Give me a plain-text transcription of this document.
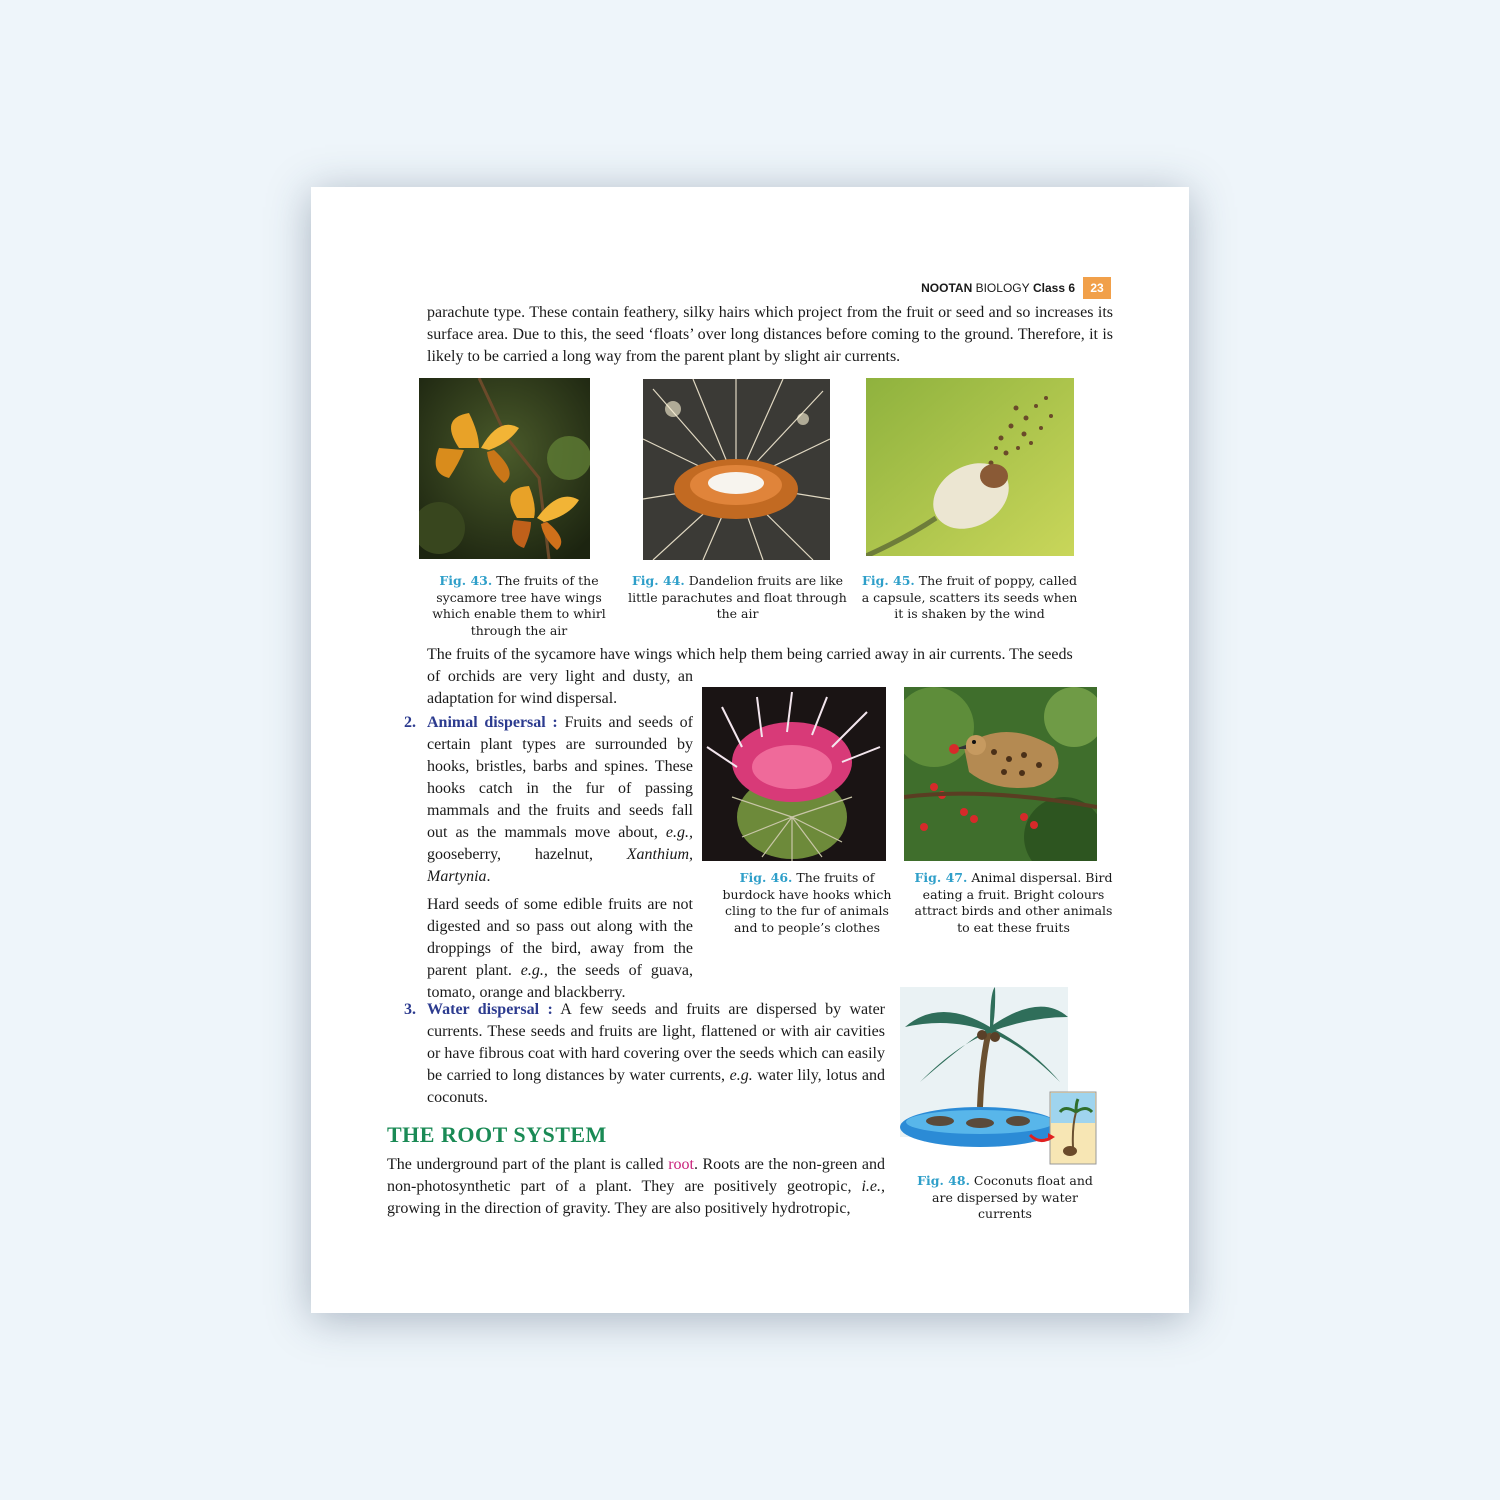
NOOTAN BIOLOGY Class 6	23

parachute type. These contain feathery, silky hairs which project from the fruit or seed and so increases its surface area. Due to this, the seed ‘floats’ over long distances before coming to the ground. Therefore, it is likely to be carried a long way from the parent plant by slight air currents.

Fig. 43. The fruits of the sycamore tree have wings which enable them to whirl through the air
Fig. 44. Dandelion fruits are like little parachutes and float through the air
Fig. 45. The fruit of poppy, called a capsule, scatters its seeds when it is shaken by the wind

The fruits of the sycamore have wings which help them being carried away in air currents. The seeds

of orchids are very light and dusty, an adaptation for wind dispersal.

2. Animal dispersal : Fruits and seeds of certain plant types are surrounded by hooks, bristles, barbs and spines. These hooks catch in the fur of passing mammals and the fruits and seeds fall out as the mammals move about, e.g., gooseberry, hazelnut, Xanthium, Martynia.
Hard seeds of some edible fruits are not digested and so pass out along with the droppings of the bird, away from the parent plant. e.g., the seeds of guava, tomato, orange and blackberry.
Fig. 46. The fruits of burdock have hooks which cling to the fur of animals and to people’s clothes
Fig. 47. Animal dispersal. Bird eating a fruit. Bright colours attract birds and other animals to eat these fruits
3. Water dispersal : A few seeds and fruits are dispersed by water currents. These seeds and fruits are light, flattened or with air cavities or have fibrous coat with hard covering over the seeds which can easily be carried to long distances by water currents, e.g. water lily, lotus and coconuts.
Fig. 48. Coconuts float and are dispersed by water currents
THE ROOT SYSTEM
The underground part of the plant is called root. Roots are the non-green and non-photosynthetic part of a plant. They are positively geotropic, i.e., growing in the direction of gravity. They are also positively hydrotropic,
